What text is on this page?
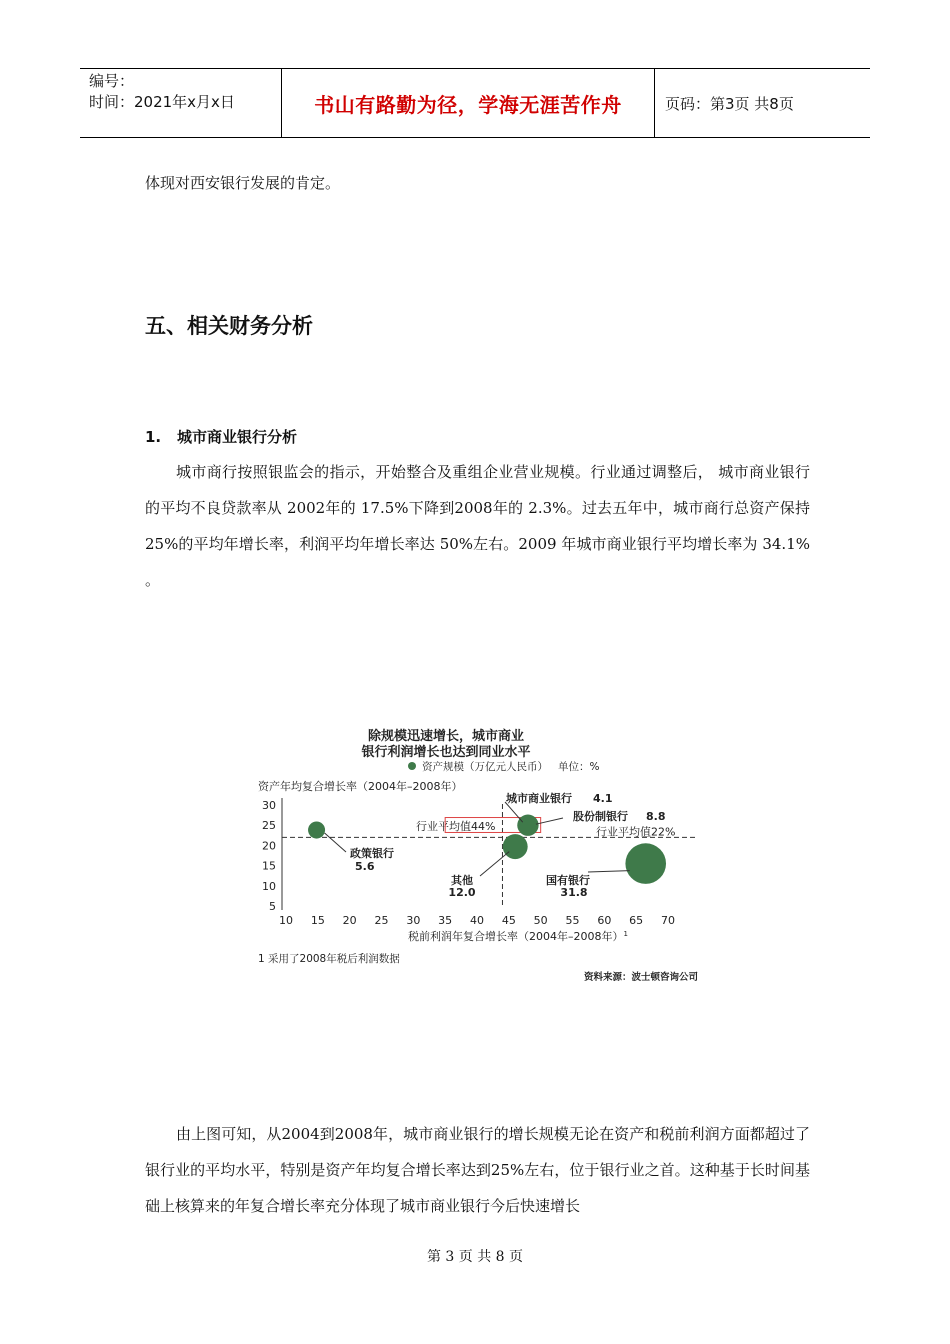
编号：
时间：2021年x月x日	书山有路勤为径，学海无涯苦作舟	页码：第3页 共8页
体现对西安银行发展的肯定。
五、相关财务分析
1. 城市商业银行分析

城市商行按照银监会的指示，开始整合及重组企业营业规模。行业通过调整后， 城市商业银行的平均不良贷款率从 2002年的 17.5%下降到2008年的 2.3%。过去五年中，城市商行总资产保持 25%的平均年增长率，利润平均年增长率达 50%左右。2009 年城市商业银行平均增长率为 34.1% 。

除规模迅速增长，城市商业
银行利润增长也达到同业水平
资产规模（万亿元人民币） 单位：%
资产年均复合增长率（2004年–2008年）
5
10
15
20
25
30
10 15 20 25 30 35 40 45 50 55 60 65 70
行业平均值44%	行业平均值22%
政策银行
5.6
其他
12.0
城市商业银行 4.1
股份制银行 8.8
国有银行
31.8
税前利润年复合增长率（2004年–2008年）$^1$
1 采用了2008年税后利润数据
资料来源：波士顿咨询公司

由上图可知，从2004到2008年，城市商业银行的增长规模无论在资产和税前利润方面都超过了银行业的平均水平，特别是资产年均复合增长率达到25%左右，位于银行业之首。这种基于长时间基础上核算来的年复合增长率充分体现了城市商业银行今后快速增长

第 3 页 共 8 页
